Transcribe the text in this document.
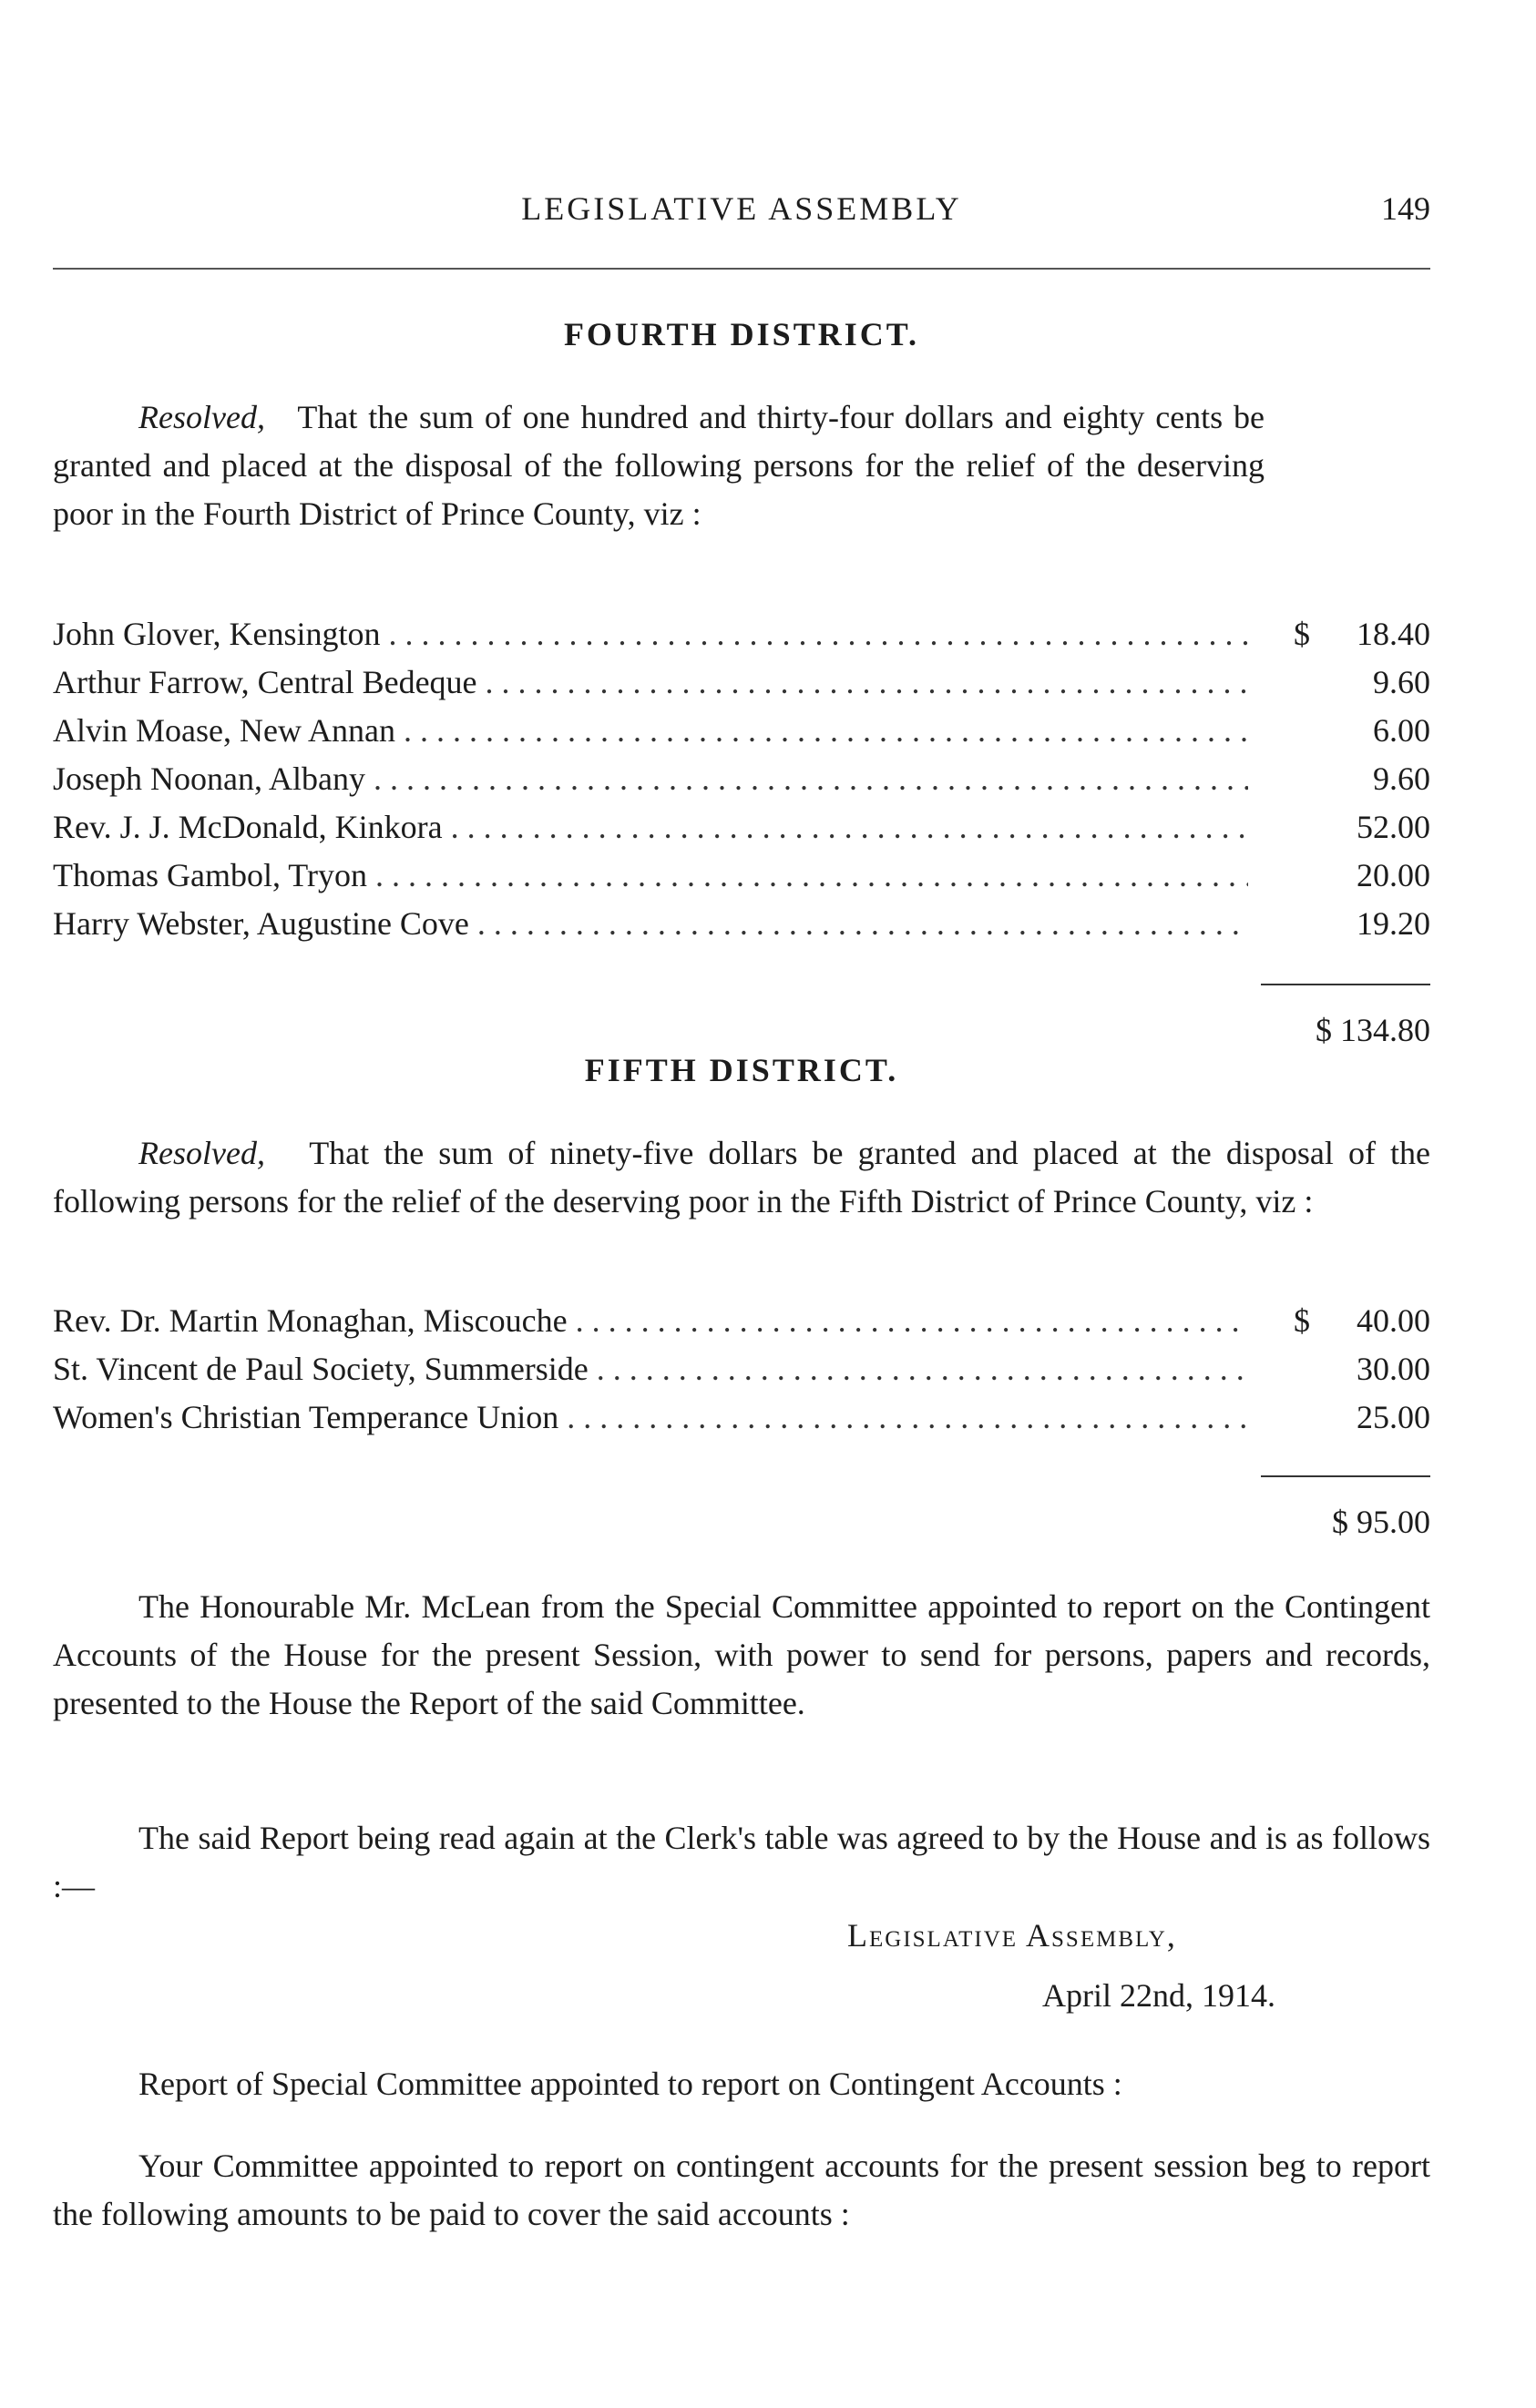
LEGISLATIVE ASSEMBLY	149
FOURTH DISTRICT.

Resolved, That the sum of one hundred and thirty-four dollars and eighty cents be granted and placed at the disposal of the following persons for the relief of the deserving poor in the Fourth District of Prince County, viz :

John Glover, Kensington . . .	$ 18.40
Arthur Farrow, Central Bedeque . . .	9.60
Alvin Moase, New Annan . . .	6.00
Joseph Noonan, Albany . . .	9.60
Rev. J. J. McDonald, Kinkora . . .	52.00
Thomas Gambol, Tryon . . .	20.00
Harry Webster, Augustine Cove . . .	19.20
$ 134.80
FIFTH DISTRICT.

Resolved, That the sum of ninety-five dollars be granted and placed at the disposal of the following persons for the relief of the deserving poor in the Fifth District of Prince County, viz :

Rev. Dr. Martin Monaghan, Miscouche . . .	$ 40.00
St. Vincent de Paul Society, Summerside . . .	30.00
Women's Christian Temperance Union . . .	25.00
$ 95.00

The Honourable Mr. McLean from the Special Committee appointed to report on the Contingent Accounts of the House for the present Session, with power to send for persons, papers and records, presented to the House the Report of the said Committee.

The said Report being read again at the Clerk's table was agreed to by the House and is as follows :—

Legislative Assembly,
April 22nd, 1914.

Report of Special Committee appointed to report on Contingent Accounts :

Your Committee appointed to report on contingent accounts for the present session beg to report the following amounts to be paid to cover the said accounts :
